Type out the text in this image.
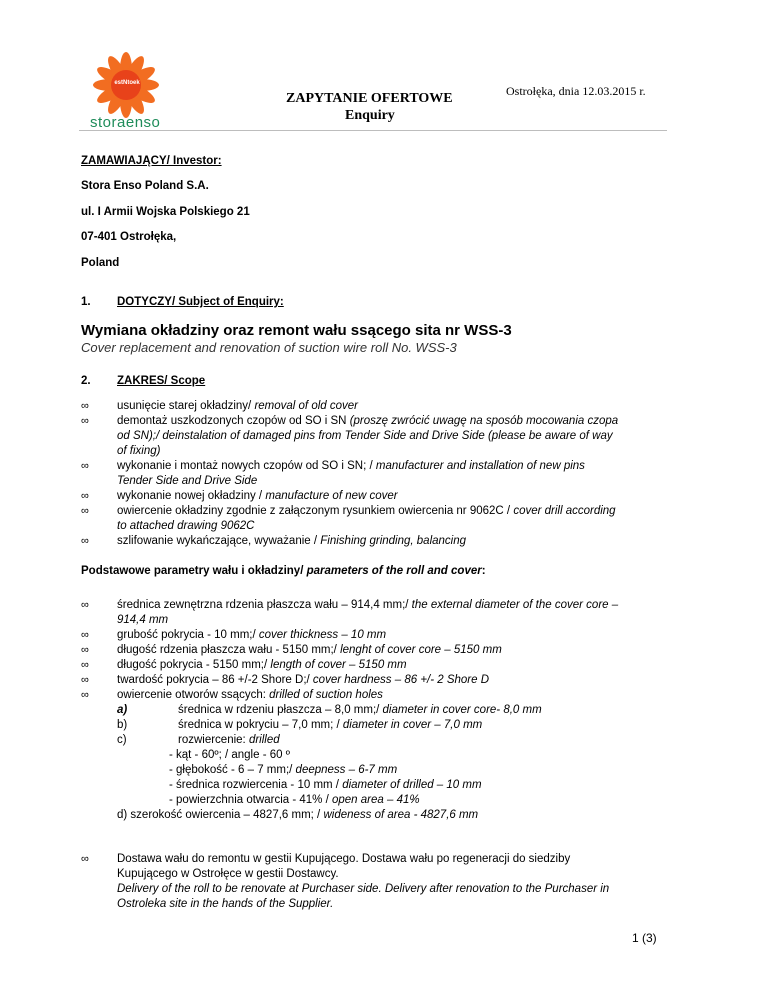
estNtoek
storaenso
ZAPYTANIE OFERTOWE
Enquiry
Ostrołęka, dnia 12.03.2015 r.
ZAMAWIAJĄCY/ Investor:
Stora Enso Poland S.A.
ul. I Armii Wojska Polskiego 21
07-401 Ostrołęka,
Poland
1. DOTYCZY/ Subject of Enquiry:
Wymiana okładziny oraz remont wału ssącego sita nr WSS-3
Cover replacement and renovation of suction wire roll No. WSS-3
2. ZAKRES/ Scope
∞ usunięcie starej okładziny/ removal of old cover
∞ demontaż uszkodzonych czopów od SO i SN (proszę zwrócić uwagę na sposób mocowania czopa
od SN);/ deinstalation of damaged pins from Tender Side and Drive Side (please be aware of way
of fixing)
∞ wykonanie i montaż nowych czopów od SO i SN; / manufacturer and installation of new pins
Tender Side and Drive Side
∞ wykonanie nowej okładziny / manufacture of new cover
∞ owiercenie okładziny zgodnie z załączonym rysunkiem owiercenia nr 9062C / cover drill according
to attached drawing 9062C
∞ szlifowanie wykańczające, wyważanie / Finishing grinding, balancing
Podstawowe parametry wału i okładziny/ parameters of the roll and cover:
∞ średnica zewnętrzna rdzenia płaszcza wału – 914,4 mm;/ the external diameter of the cover core –
914,4 mm
∞ grubość pokrycia - 10 mm;/ cover thickness – 10 mm
∞ długość rdzenia płaszcza wału - 5150 mm;/ lenght of cover core – 5150 mm
∞ długość pokrycia - 5150 mm;/ length of cover – 5150 mm
∞ twardość pokrycia – 86 +/-2 Shore D;/ cover hardness – 86 +/- 2 Shore D
∞ owiercenie otworów ssących: drilled of suction holes
a)	średnica w rdzeniu płaszcza – 8,0 mm;/ diameter in cover core- 8,0 mm
b)	średnica w pokryciu – 7,0 mm; / diameter in cover – 7,0 mm
c)	rozwiercenie: drilled
- kąt - 60º; / angle - 60 º
- głębokość - 6 – 7 mm;/ deepness – 6-7 mm
- średnica rozwiercenia - 10 mm / diameter of drilled – 10 mm
- powierzchnia otwarcia - 41% / open area – 41%
d) szerokość owiercenia – 4827,6 mm; / wideness of area - 4827,6 mm
∞ Dostawa wału do remontu w gestii Kupującego. Dostawa wału po regeneracji do siedziby
Kupującego w Ostrołęce w gestii Dostawcy.
Delivery of the roll to be renovate at Purchaser side. Delivery after renovation to the Purchaser in
Ostroleka site in the hands of the Supplier.
1 (3)
